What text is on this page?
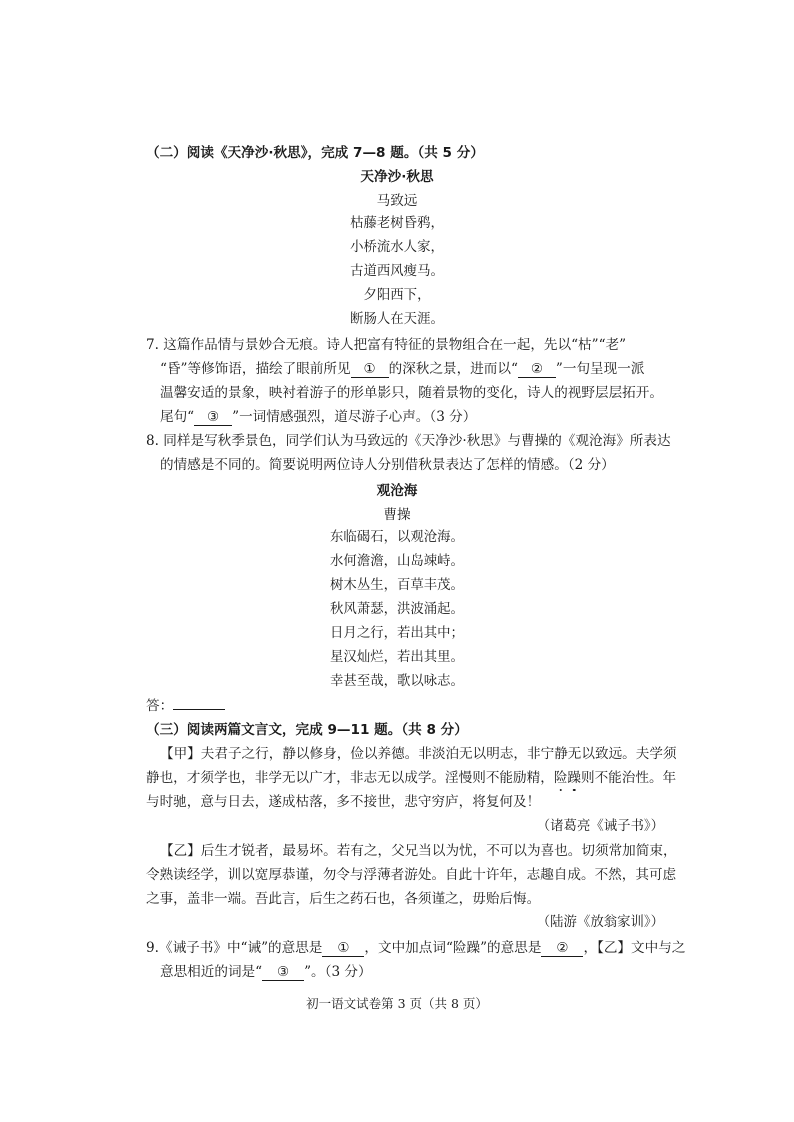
（二）阅读《天净沙·秋思》，完成 7—8 题。（共 5 分）
天净沙·秋思
马致远
枯藤老树昏鸦，
小桥流水人家，
古道西风瘦马。
夕阳西下，
断肠人在天涯。
7. 这篇作品情与景妙合无痕。诗人把富有特征的景物组合在一起，先以“枯”“老”
“昏”等修饰语，描绘了眼前所见 ① 的深秋之景，进而以“ ② ”一句呈现一派
温馨安适的景象，映衬着游子的形单影只，随着景物的变化，诗人的视野层层拓开。
尾句“ ③ ”一词情感强烈，道尽游子心声。（3 分）
8. 同样是写秋季景色，同学们认为马致远的《天净沙·秋思》与曹操的《观沧海》所表达
的情感是不同的。简要说明两位诗人分别借秋景表达了怎样的情感。（2 分）
观沧海
曹操
东临碣石，以观沧海。
水何澹澹，山岛竦峙。
树木丛生，百草丰茂。
秋风萧瑟，洪波涌起。
日月之行，若出其中；
星汉灿烂，若出其里。
幸甚至哉，歌以咏志。
答：
（三）阅读两篇文言文，完成 9—11 题。（共 8 分）
【甲】夫君子之行，静以修身，俭以养德。非淡泊无以明志，非宁静无以致远。夫学须
静也，才须学也，非学无以广才，非志无以成学。淫慢则不能励精，险躁则不能治性。年
与时驰，意与日去，遂成枯落，多不接世，悲守穷庐，将复何及！
（诸葛亮《诫子书》）
【乙】后生才锐者，最易坏。若有之，父兄当以为忧，不可以为喜也。切须常加简束，
令熟读经学，训以宽厚恭谨，勿令与浮薄者游处。自此十许年，志趣自成。不然，其可虑
之事，盖非一端。吾此言，后生之药石也，各须谨之，毋贻后悔。
（陆游《放翁家训》）
9.《诫子书》中“诫”的意思是 ① ，文中加点词“险躁”的意思是 ② ，【乙】文中与之
意思相近的词是“ ③ ”。（3 分）
初一语文试卷第 3 页（共 8 页）
